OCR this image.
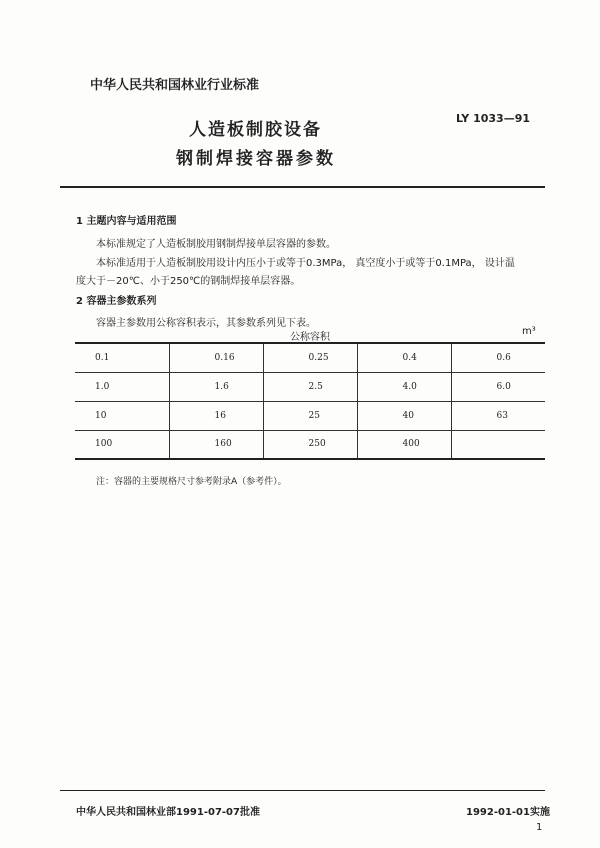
中华人民共和国林业行业标准
LY 1033—91
人造板制胶设备
钢制焊接容器参数
1 主题内容与适用范围
本标准规定了人造板制胶用钢制焊接单层容器的参数。
本标准适用于人造板制胶用设计内压小于或等于0.3MPa， 真空度小于或等于0.1MPa， 设计温
度大于－20℃、小于250℃的钢制焊接单层容器。
2 容器主参数系列
容器主参数用公称容积表示，其参数系列见下表。
公称容积
m³
0.1	0.16	0.25	0.4	0.6
1.0	1.6	2.5	4.0	6.0
10	16	25	40	63
100	160	250	400	
注：容器的主要规格尺寸参考附录A（参考件）。
中华人民共和国林业部1991-07-07批准	1992-01-01实施
1
